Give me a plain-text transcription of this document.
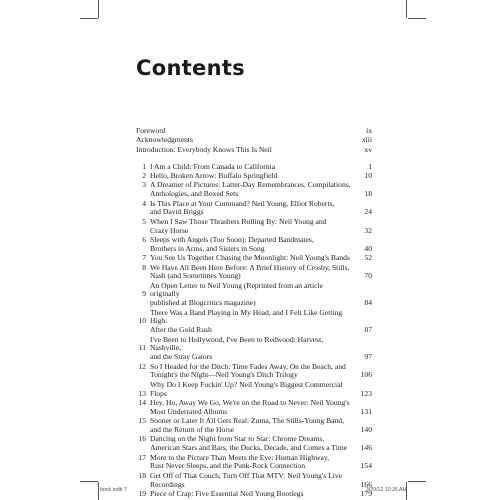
Contents
Foreword	ix
Acknowledgments	xiii
Introduction: Everybody Knows This Is Neil	xv
1 I Am a Child: From Canada to California	1
2 Hello, Broken Arrow: Buffalo Springfield	10
3 A Dreamer of Pictures: Latter-Day Remembrances, Compilations,
Anthologies, and Boxed Sets	18
4 Is This Place at Your Command? Neil Young, Elliot Roberts,
and David Briggs	24
5 When I Saw Those Thrashers Rolling By: Neil Young and
Crazy Horse	32
6 Sleeps with Angels (Too Soon): Departed Bandmates,
Brothers in Arms, and Sisters in Song	40
7 You See Us Together Chasing the Moonlight: Neil Young's Bands	52
8 We Have All Been Here Before: A Brief History of Crosby, Stills,
Nash (and Sometimes Young)	70
9
An Open Letter to Neil Young (Reprinted from an article originally
published at Blogcritics magazine)	84
10
There Was a Band Playing in My Head, and I Felt Like Getting High:
After the Gold Rush	87
11
I've Been to Hollywood, I've Been to Redwood: Harvest, Nashville,
and the Stray Gators	97
12 So I Headed for the Ditch: Time Fades Away, On the Beach, and
Tonight's the Night—Neil Young's Ditch Trilogy	106
13
Why Do I Keep Fuckin' Up? Neil Young's Biggest Commercial Flops	123
14 Hey, Ho, Away We Go, We're on the Road to Never: Neil Young's
Most Underrated Albums	131
15 Sooner or Later It All Gets Real: Zuma, The Stills-Young Band,
and the Return of the Horse	140
16 Dancing on the Night from Star to Star: Chrome Dreams,
American Stars and Bars, the Ducks, Decade, and Comes a Time	146
17 More to the Picture Than Meets the Eye: Human Highway,
Rust Never Sleeps, and the Punk-Rock Connection	154
18 Get Off of That Couch, Turn Off That MTV: Neil Young's Live
Recordings	166
19 Piece of Crap: Five Essential Neil Young Bootlegs	179
book.indb 7	3/29/12 10:35 AM
